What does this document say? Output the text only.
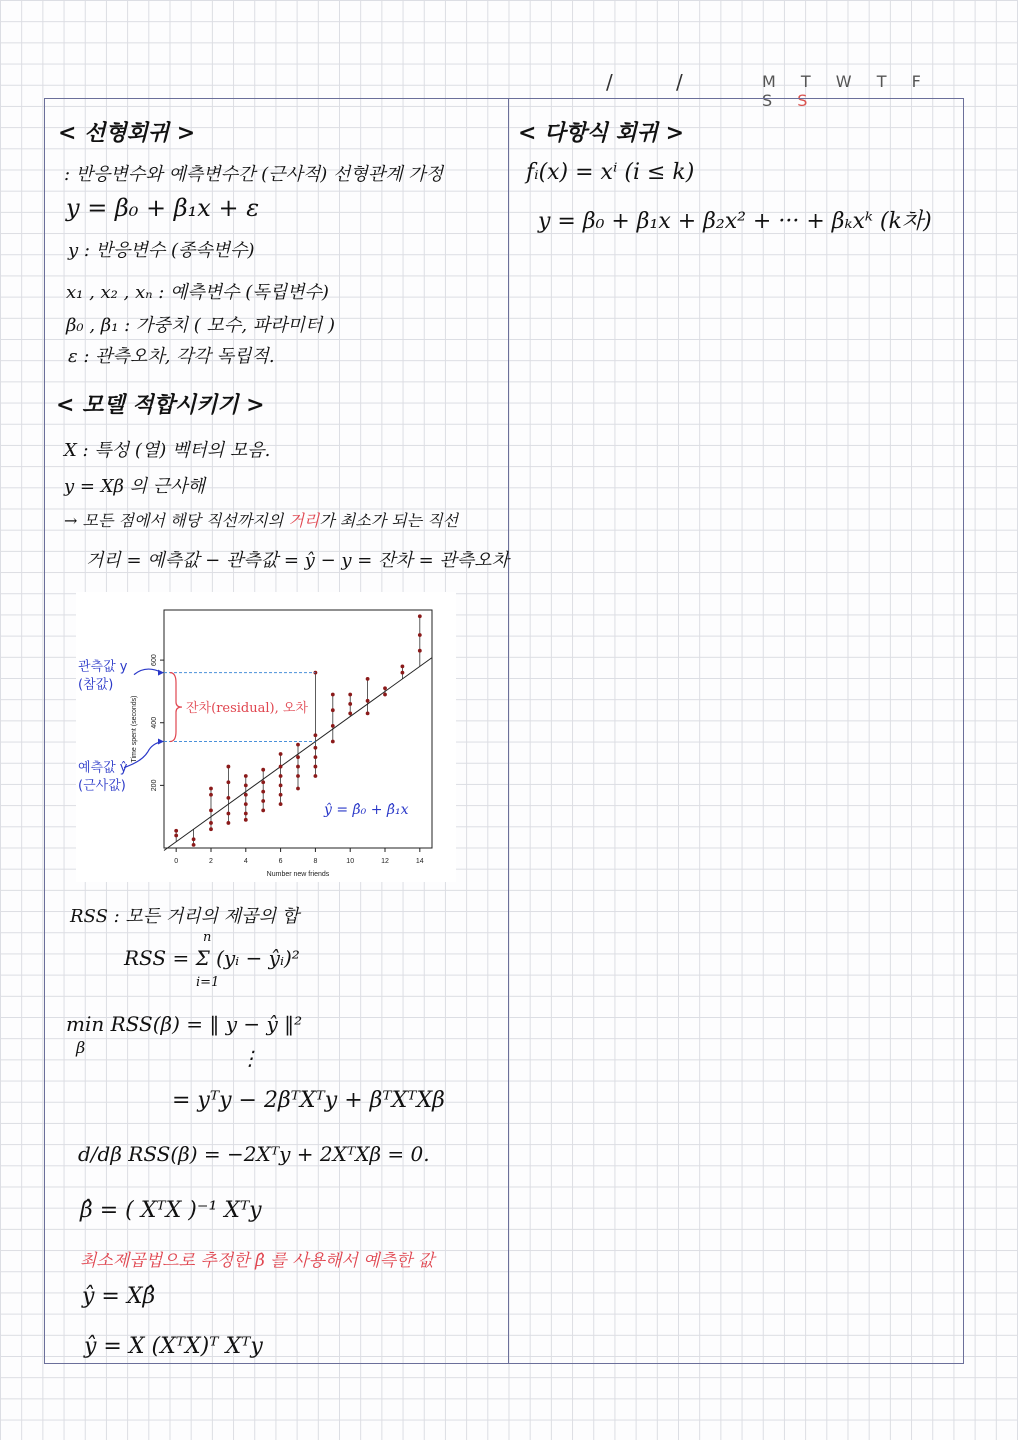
/	/	M T W T F S S
< 선형회귀 >
: 반응변수와 예측변수간 (근사적) 선형관계 가정
y = β₀ + β₁x + ε
y : 반응변수 (종속변수)
x₁ , x₂ , xₙ : 예측변수 (독립변수)
β₀ , β₁ : 가중치 ( 모수, 파라미터 )
ε : 관측오차, 각각 독립적.
< 모델 적합시키기 >
X : 특성 (열) 벡터의 모음.
y = Xβ 의 근사해
→ 모든 점에서 해당 직선까지의 거리가 최소가 되는 직선
거리 = 예측값 − 관측값 = ŷ − y = 잔차 = 관측오차
0	2	4	6	8	10	12	14
200
400
600
Number new friends
Time spent (seconds)	잔차(residual), 오차
관측값 y
(참값)
예측값 ŷ
(근사값)
ŷ = β̂₀ + β̂₁x
RSS : 모든 거리의 제곱의 합
RSS = Σ (yᵢ − ŷᵢ)²
n
i=1
min RSS(β) = ‖ y − ŷ ‖²
β	⋮
= yᵀy − 2βᵀXᵀy + βᵀXᵀXβ
d/dβ RSS(β) = −2Xᵀy + 2XᵀXβ = 0.
β̂ = ( XᵀX )⁻¹ Xᵀy
최소제곱법으로 추정한 β̂ 를 사용해서 예측한 값
ŷ = Xβ̂
ŷ = X (XᵀX)ᵀ Xᵀy
< 다항식 회귀 >
fᵢ(x) = xⁱ (i ≤ k)
y = β₀ + β₁x + β₂x² + ··· + βₖxᵏ (k차)
